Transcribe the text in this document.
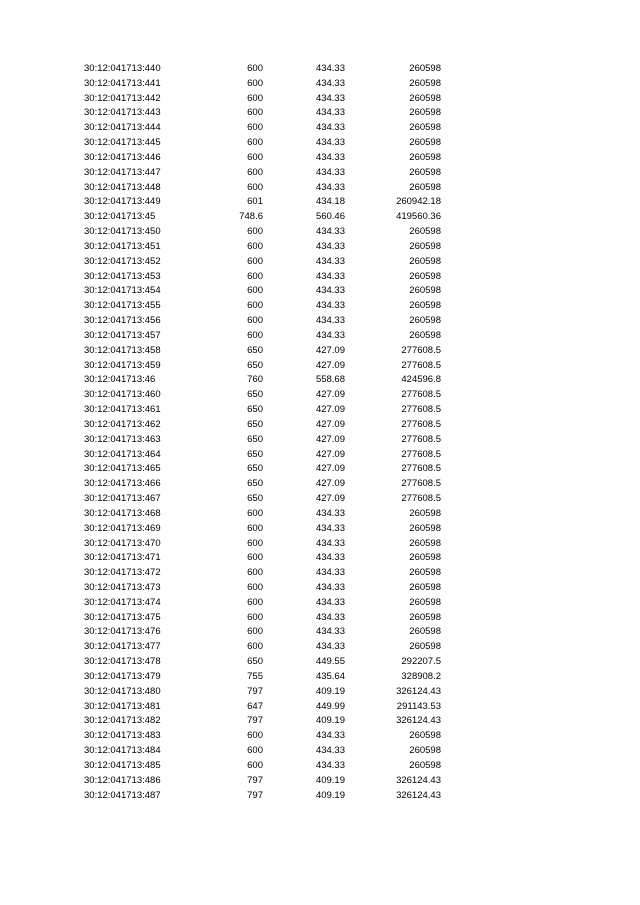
30:12:041713:440	600	434.33	260598
30:12:041713:441	600	434.33	260598
30:12:041713:442	600	434.33	260598
30:12:041713:443	600	434.33	260598
30:12:041713:444	600	434.33	260598
30:12:041713:445	600	434.33	260598
30:12:041713:446	600	434.33	260598
30:12:041713:447	600	434.33	260598
30:12:041713:448	600	434.33	260598
30:12:041713:449	601	434.18	260942.18
30:12:041713:45	748.6	560.46	419560.36
30:12:041713:450	600	434.33	260598
30:12:041713:451	600	434.33	260598
30:12:041713:452	600	434.33	260598
30:12:041713:453	600	434.33	260598
30:12:041713:454	600	434.33	260598
30:12:041713:455	600	434.33	260598
30:12:041713:456	600	434.33	260598
30:12:041713:457	600	434.33	260598
30:12:041713:458	650	427.09	277608.5
30:12:041713:459	650	427.09	277608.5
30:12:041713:46	760	558.68	424596.8
30:12:041713:460	650	427.09	277608.5
30:12:041713:461	650	427.09	277608.5
30:12:041713:462	650	427.09	277608.5
30:12:041713:463	650	427.09	277608.5
30:12:041713:464	650	427.09	277608.5
30:12:041713:465	650	427.09	277608.5
30:12:041713:466	650	427.09	277608.5
30:12:041713:467	650	427.09	277608.5
30:12:041713:468	600	434.33	260598
30:12:041713:469	600	434.33	260598
30:12:041713:470	600	434.33	260598
30:12:041713:471	600	434.33	260598
30:12:041713:472	600	434.33	260598
30:12:041713:473	600	434.33	260598
30:12:041713:474	600	434.33	260598
30:12:041713:475	600	434.33	260598
30:12:041713:476	600	434.33	260598
30:12:041713:477	600	434.33	260598
30:12:041713:478	650	449.55	292207.5
30:12:041713:479	755	435.64	328908.2
30:12:041713:480	797	409.19	326124.43
30:12:041713:481	647	449.99	291143.53
30:12:041713:482	797	409.19	326124.43
30:12:041713:483	600	434.33	260598
30:12:041713:484	600	434.33	260598
30:12:041713:485	600	434.33	260598
30:12:041713:486	797	409.19	326124.43
30:12:041713:487	797	409.19	326124.43
